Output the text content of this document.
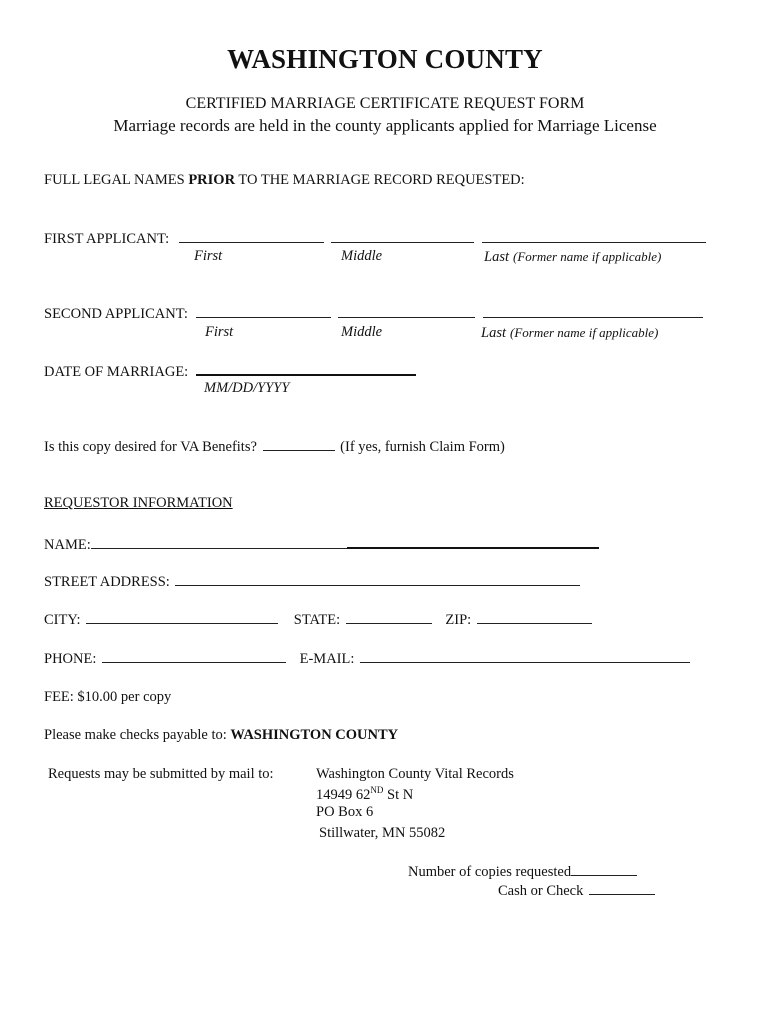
WASHINGTON COUNTY
CERTIFIED MARRIAGE CERTIFICATE REQUEST FORM
Marriage records are held in the county applicants applied for Marriage License
FULL LEGAL NAMES PRIOR TO THE MARRIAGE RECORD REQUESTED:
FIRST APPLICANT:
First	Middle	Last (Former name if applicable)
SECOND APPLICANT:
First	Middle	Last (Former name if applicable)
DATE OF MARRIAGE:
MM/DD/YYYY
Is this copy desired for VA Benefits?	(If yes, furnish Claim Form)
REQUESTOR INFORMATION
NAME:
STREET ADDRESS:
CITY:	STATE:	ZIP:
PHONE:	E-MAIL:
FEE: $10.00 per copy
Please make checks payable to: WASHINGTON COUNTY
Requests may be submitted by mail to:	Washington County Vital Records
14949 62ND St N
PO Box 6
Stillwater, MN 55082
Number of copies requested
Cash or Check
